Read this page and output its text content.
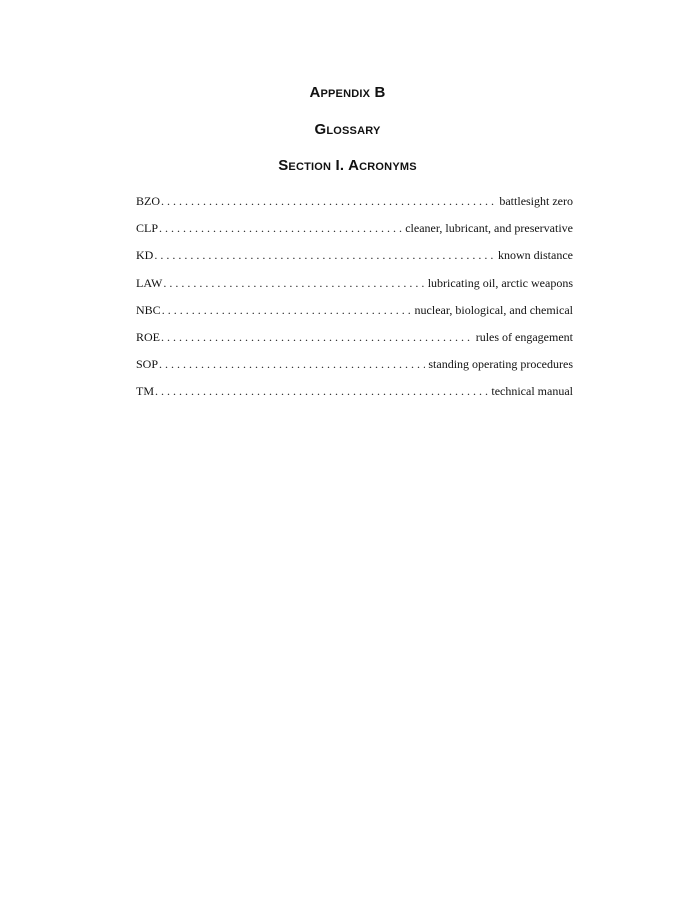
Appendix B
Glossary
Section I. Acronyms
BZO . . .	battlesight zero
CLP . . .	cleaner, lubricant, and preservative
KD . . .	known distance
LAW . . .	lubricating oil, arctic weapons
NBC . . .	nuclear, biological, and chemical
ROE . . .	rules of engagement
SOP . . .	standing operating procedures
TM . . .	technical manual
